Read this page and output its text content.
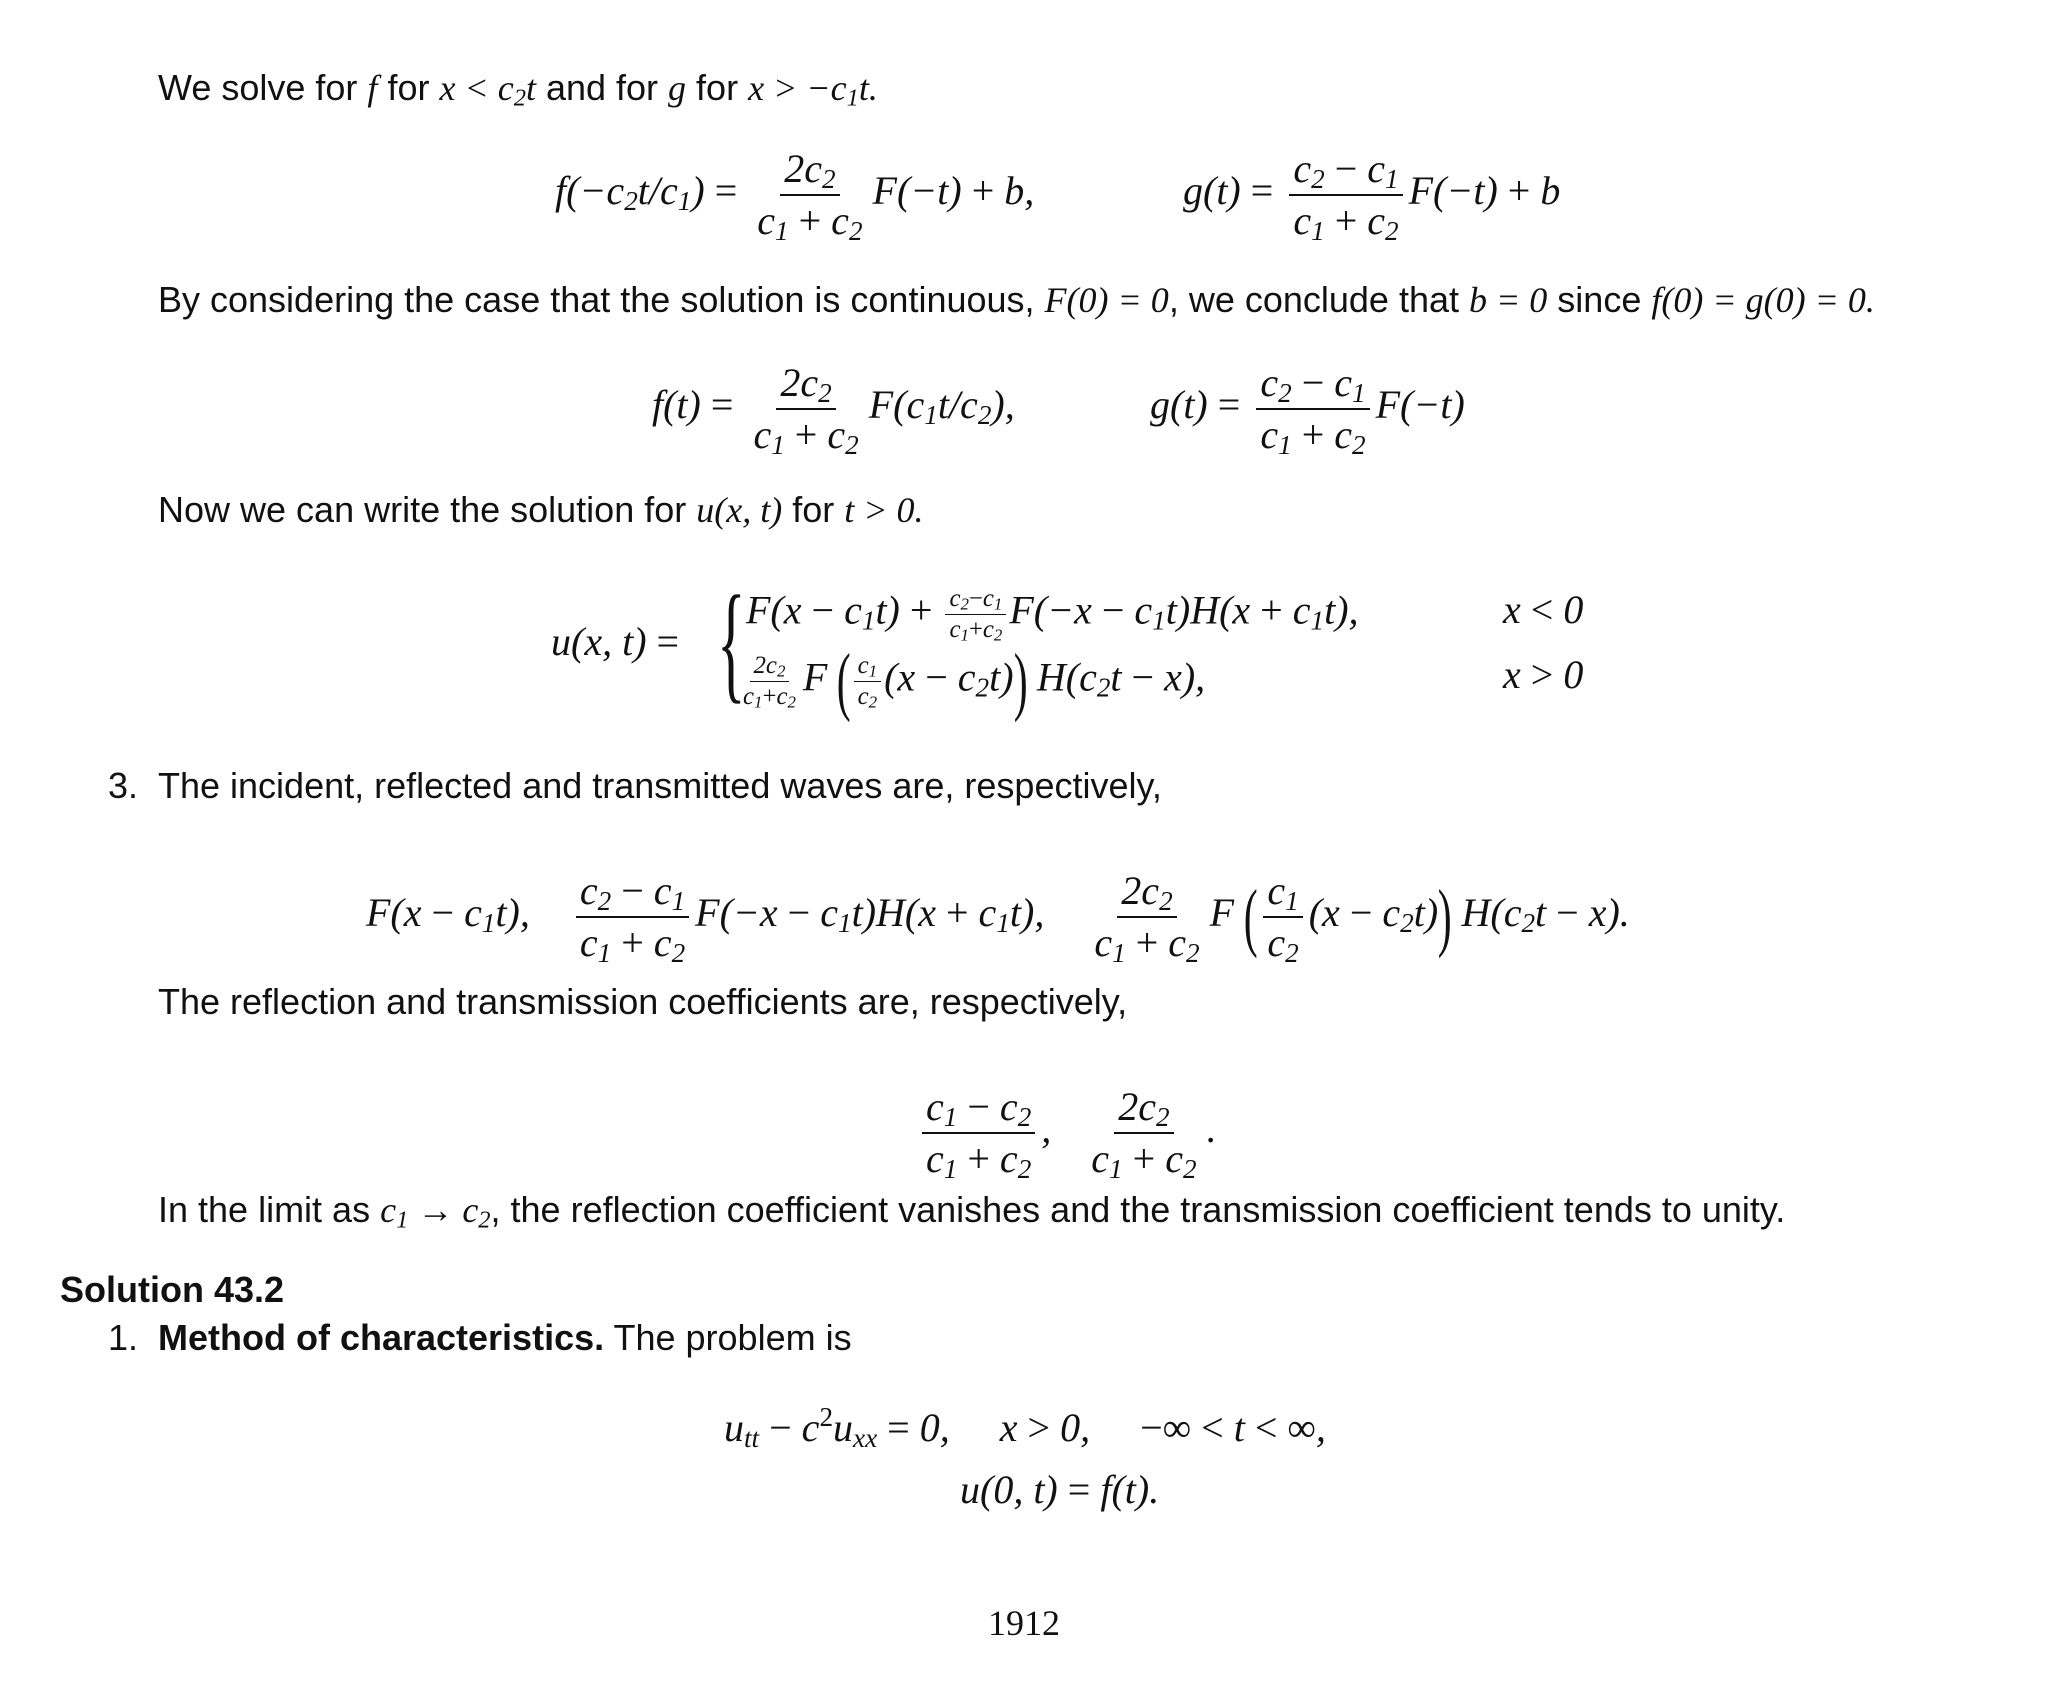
We solve for f for $x < c_2t$ and for g for $x > -c_1t$.
$f(-c_2t/c_1) = \frac{2c_2}{c_1 + c_2} F(-t) + b$,	$g(t) = \frac{c_2 - c_1}{c_1 + c_2} F(-t) + b$
By considering the case that the solution is continuous, F(0) = 0, we conclude that b = 0 since f(0) = g(0) = 0.
$f(t) = \frac{2c_2}{c_1 + c_2} F(c_1t/c_2)$,	$g(t) = \frac{c_2 - c_1}{c_1 + c_2} F(-t)$
Now we can write the solution for u(x, t) for t > 0.
u(x, t) = { $F(x - c_1t) + \frac{c_2-c_1}{c_1+c_2} F(-x - c_1t)H(x + c_1t)$,	x < 0
$\frac{2c_2}{c_1+c_2}$ F ( $\frac{c_1}{c_2} (x - c_2t)$) $H(c_2t - x)$,	x > 0
3. The incident, reflected and transmitted waves are, respectively,
$F(x - c_1t)$, $\frac{c_2 - c_1}{c_1 + c_2} F(-x - c_1t)H(x + c_1t)$, $\frac{2c_2}{c_1 + c_2}$ F ( $\frac{c_1}{c_2} (x - c_2t)$) $H(c_2t - x)$.
The reflection and transmission coefficients are, respectively,
$\frac{c_1 - c_2}{c_1 + c_2}$ , $\frac{2c_2}{c_1 + c_2}$ .
In the limit as $c_1 \to c_2$, the reflection coefficient vanishes and the transmission coefficient tends to unity.
Solution 43.2
1. Method of characteristics. The problem is
$u_{tt} - c^2u_{xx} = 0$,     x > 0,     −∞ < t < ∞,
u(0, t) = f(t).
1912
